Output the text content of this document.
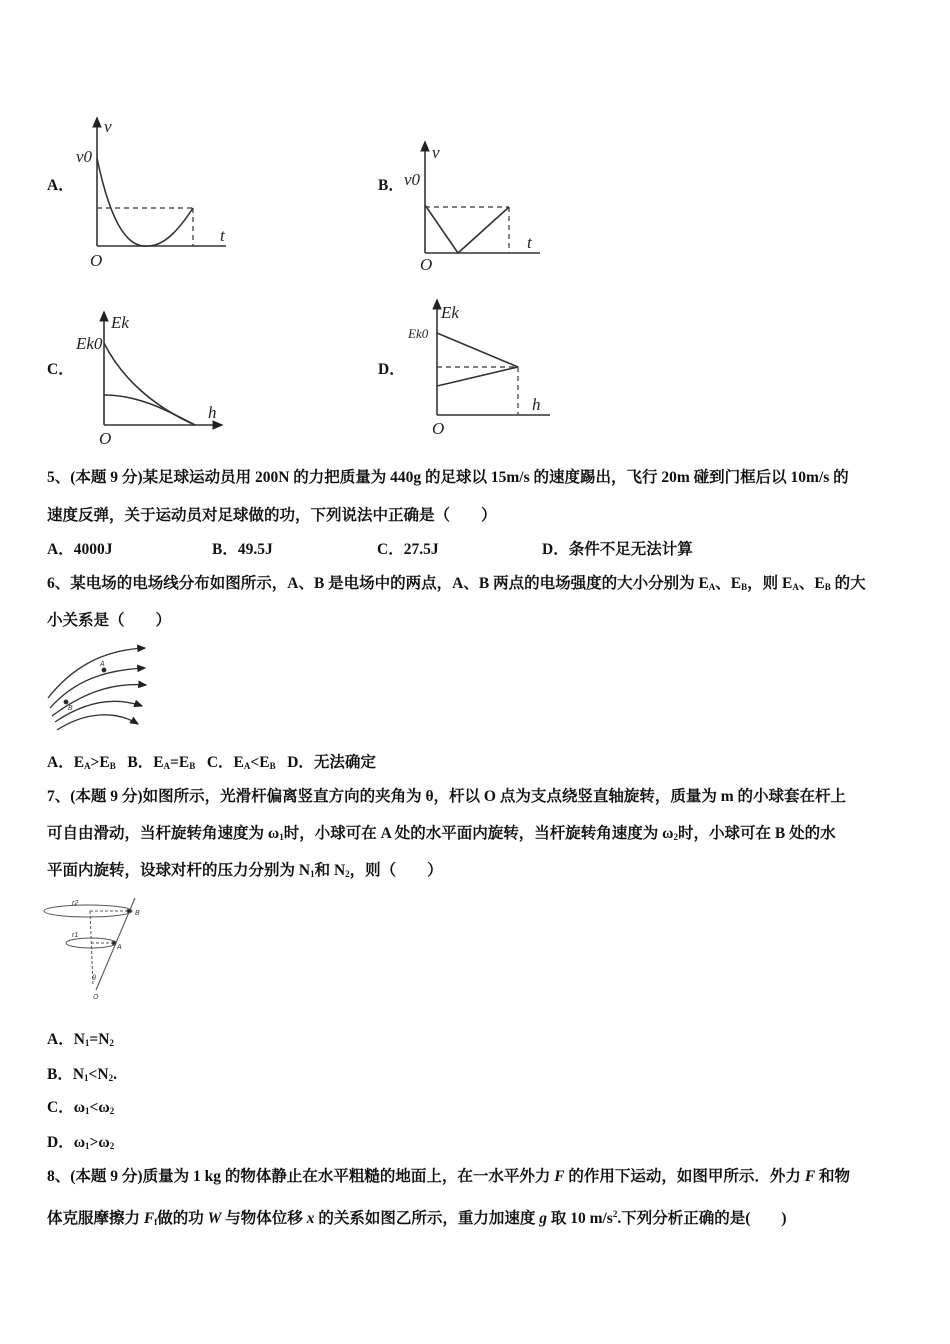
A．	B．
C．	D．
v
v0
t
O
v
v0
t
O
Ek
Ek0
h
O
Ek
Ek0
h
O
A
B
B
A
O
r2
r1
θ
5、(本题 9 分)某足球运动员用 200N 的力把质量为 440g 的足球以 15m/s 的速度踢出，飞行 20m 碰到门框后以 10m/s 的
速度反弹，关于运动员对足球做的功，下列说法中正确是（　　）
A．4000J	B．49.5J	C．27.5J	D．条件不足无法计算
6、某电场的电场线分布如图所示，A、B 是电场中的两点，A、B 两点的电场强度的大小分别为 $E_A$、$E_B$，则 $E_A$、$E_B$ 的大
小关系是（　　）
A．$E_A>E_B$ B．$E_A=E_B$ C．$E_A<E_B$ D．无法确定
7、(本题 9 分)如图所示，光滑杆偏离竖直方向的夹角为 θ，杆以 O 点为支点绕竖直轴旋转，质量为 m 的小球套在杆上
可自由滑动，当杆旋转角速度为 $\omega_1$时，小球可在 A 处的水平面内旋转，当杆旋转角速度为 $\omega_2$时，小球可在 B 处的水
平面内旋转，设球对杆的压力分别为 $N_1$和 $N_2$，则（　　）
A．$N_1=N_2$
B．$N_1<N_2$.
C．$\omega_1<\omega_2$
D．$\omega_1>\omega_2$
8、(本题 9 分)质量为 1 kg 的物体静止在水平粗糙的地面上，在一水平外力 F 的作用下运动，如图甲所示．外力 F 和物
体克服摩擦力 $F_f$做的功 W 与物体位移 x 的关系如图乙所示，重力加速度 g 取 10 $m/s^2$.下列分析正确的是(　　)
